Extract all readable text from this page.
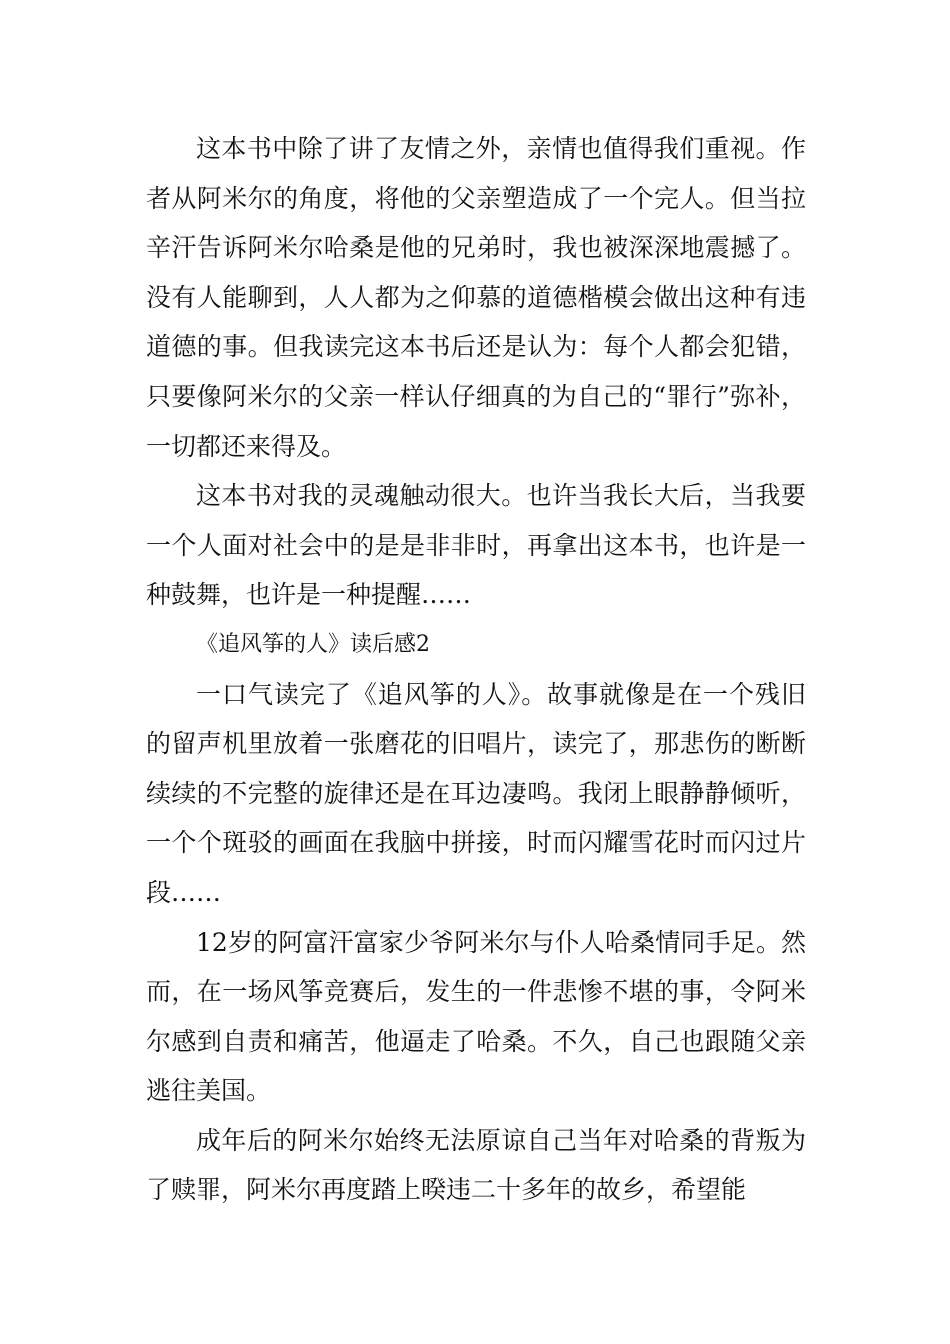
这本书中除了讲了友情之外，亲情也值得我们重视。作者从阿米尔的角度，将他的父亲塑造成了一个完人。但当拉辛汗告诉阿米尔哈桑是他的兄弟时，我也被深深地震撼了。没有人能聊到，人人都为之仰慕的道德楷模会做出这种有违道德的事。但我读完这本书后还是认为：每个人都会犯错，只要像阿米尔的父亲一样认仔细真的为自己的“罪行”弥补，一切都还来得及。

这本书对我的灵魂触动很大。也许当我长大后，当我要一个人面对社会中的是是非非时，再拿出这本书，也许是一种鼓舞，也许是一种提醒……

《追风筝的人》读后感2

一口气读完了《追风筝的人》。故事就像是在一个残旧的留声机里放着一张磨花的旧唱片，读完了，那悲伤的断断续续的不完整的旋律还是在耳边凄鸣。我闭上眼静静倾听，一个个斑驳的画面在我脑中拼接，时而闪耀雪花时而闪过片段……

12岁的阿富汗富家少爷阿米尔与仆人哈桑情同手足。然而，在一场风筝竞赛后，发生的一件悲惨不堪的事，令阿米尔感到自责和痛苦，他逼走了哈桑。不久，自己也跟随父亲逃往美国。

成年后的阿米尔始终无法原谅自己当年对哈桑的背叛为了赎罪，阿米尔再度踏上暌违二十多年的故乡，希望能
